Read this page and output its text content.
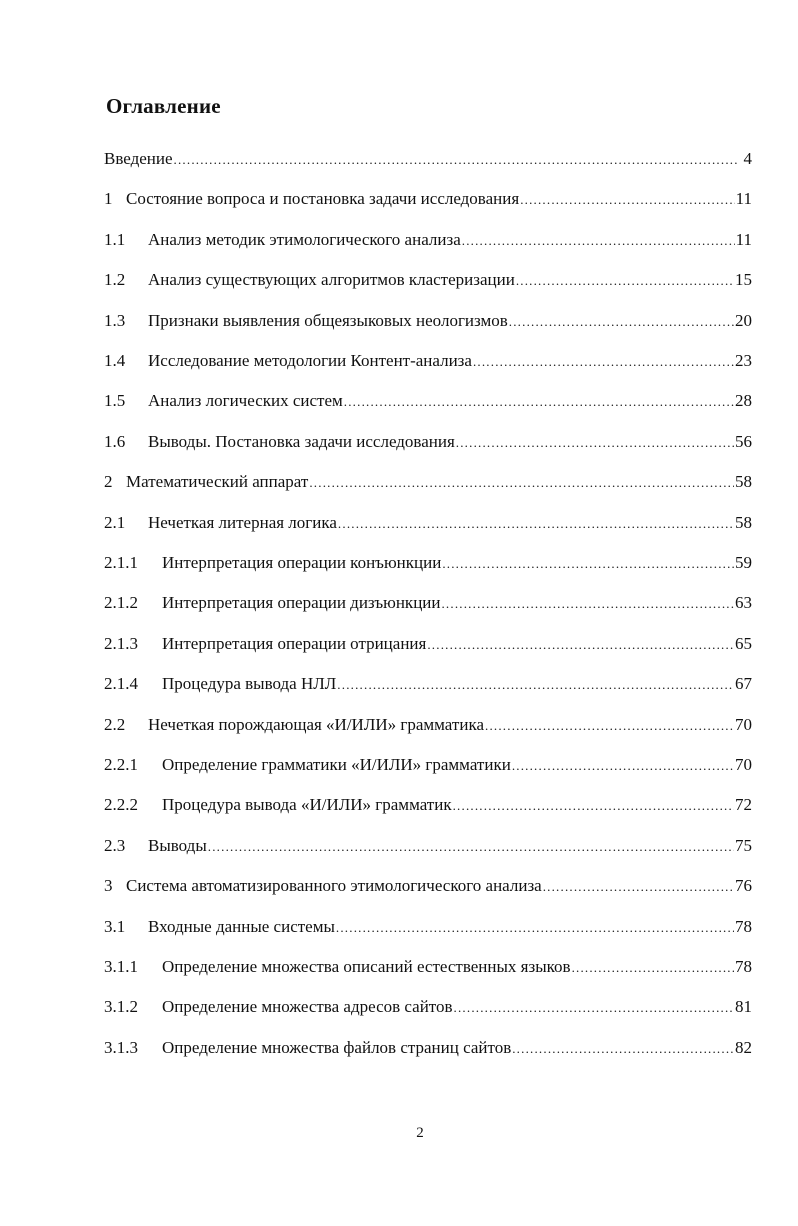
Оглавление
Введение .....	4
1 Состояние вопроса и постановка задачи исследования .....	11
1.1	Анализ методик этимологического анализа .....	11
1.2	Анализ существующих алгоритмов кластеризации .....	15
1.3	Признаки выявления общеязыковых неологизмов .....	20
1.4	Исследование методологии Контент-анализа .....	23
1.5	Анализ логических систем .....	28
1.6	Выводы. Постановка задачи исследования .....	56
2 Математический аппарат .....	58
2.1	Нечеткая литерная логика .....	58
2.1.1	Интерпретация операции конъюнкции .....	59
2.1.2	Интерпретация операции дизъюнкции .....	63
2.1.3	Интерпретация операции отрицания .....	65
2.1.4	Процедура вывода НЛЛ .....	67
2.2	Нечеткая порождающая «И/ИЛИ» грамматика .....	70
2.2.1	Определение грамматики «И/ИЛИ» грамматики .....	70
2.2.2	Процедура вывода «И/ИЛИ» грамматик .....	72
2.3	Выводы .....	75
3 Система автоматизированного этимологического анализа .....	76
3.1	Входные данные системы .....	78
3.1.1	Определение множества описаний естественных языков .....	78
3.1.2	Определение множества адресов сайтов .....	81
3.1.3	Определение множества файлов страниц сайтов .....	82
2
